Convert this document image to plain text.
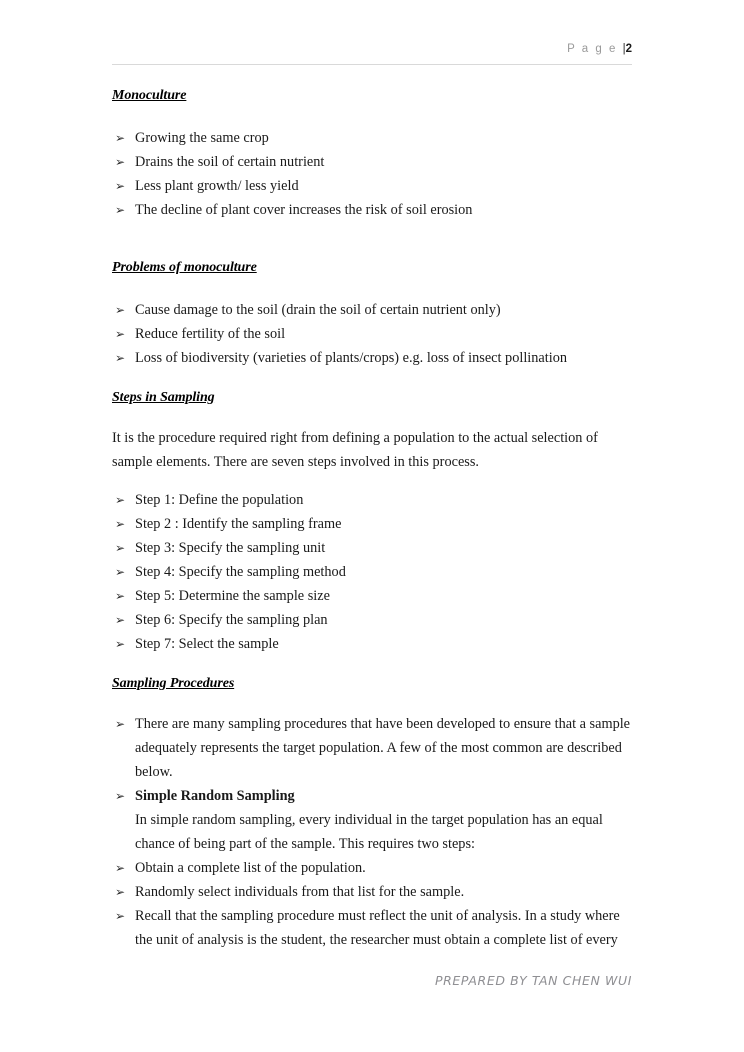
P a g e |2
Monoculture
➢ Growing the same crop
➢ Drains the soil of certain nutrient
➢ Less plant growth/ less yield
➢ The decline of plant cover increases the risk of soil erosion
Problems of monoculture
➢ Cause damage to the soil (drain the soil of certain nutrient only)
➢ Reduce fertility of the soil
➢ Loss of biodiversity (varieties of plants/crops) e.g. loss of insect pollination
Steps in Sampling

It is the procedure required right from defining a population to the actual selection of sample elements. There are seven steps involved in this process.

➢ Step 1: Define the population
➢ Step 2 : Identify the sampling frame
➢ Step 3: Specify the sampling unit
➢ Step 4: Specify the sampling method
➢ Step 5: Determine the sample size
➢ Step 6: Specify the sampling plan
➢ Step 7: Select the sample
Sampling Procedures
➢ There are many sampling procedures that have been developed to ensure that a sample adequately represents the target population. A few of the most common are described below.
➢ Simple Random Sampling
In simple random sampling, every individual in the target population has an equal chance of being part of the sample. This requires two steps:
➢ Obtain a complete list of the population.
➢ Randomly select individuals from that list for the sample.
➢ Recall that the sampling procedure must reflect the unit of analysis. In a study where the unit of analysis is the student, the researcher must obtain a complete list of every
PREPARED BY TAN CHEN WUI
